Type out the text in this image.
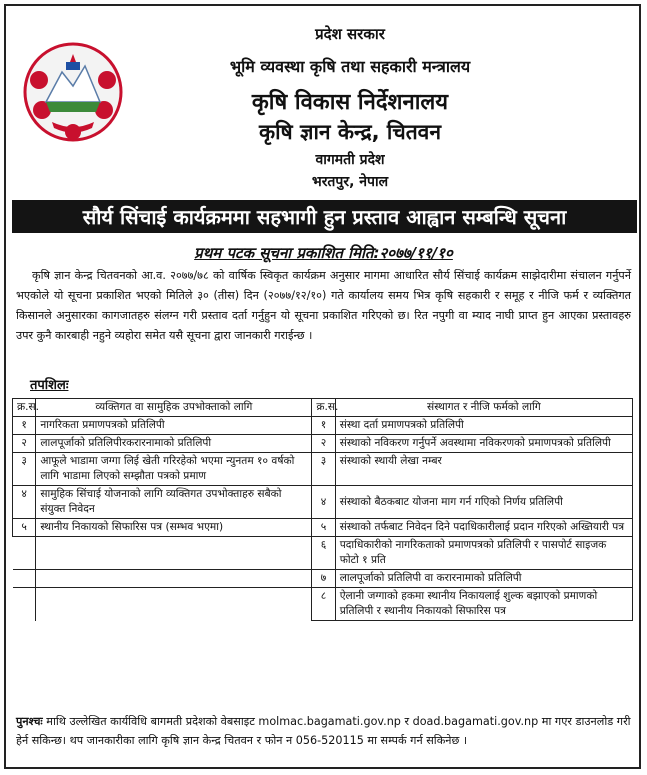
प्रदेश सरकार
भूमि व्यवस्था कृषि तथा सहकारी मन्त्रालय
कृषि विकास निर्देशनालय
कृषि ज्ञान केन्द्र, चितवन
वागमती प्रदेश
भरतपुर, नेपाल
सौर्य सिंचाई कार्यक्रममा सहभागी हुन प्रस्ताव आह्वान सम्बन्धि सूचना
प्रथम पटक सूचना प्रकाशित मिति:२०७७/११/१०
कृषि ज्ञान केन्द्र चितवनको आ.व. २०७७/७८ को वार्षिक स्विकृत कार्यक्रम अनुसार मागमा आधारित सौर्य सिंचाई कार्यक्रम साझेदारीमा संचालन गर्नुपर्ने भएकोले यो सूचना प्रकाशित भएको मितिले ३० (तीस) दिन (२०७७/१२/१०) गते कार्यालय समय भित्र कृषि सहकारी र समूह र नीजि फर्म र व्यक्तिगत किसानले अनुसारका कागजातहरु संलग्न गरी प्रस्ताव दर्ता गर्नुहुन यो सूचना प्रकाशित गरिएको छ। रित नपुगी वा म्याद नाघी प्राप्त हुन आएका प्रस्तावहरु उपर कुनै कारबाही नहुने व्यहोरा समेत यसै सूचना द्वारा जानकारी गराईन्छ ।
तपशिलः
क्र.स.	व्यक्तिगत वा सामुहिक उपभोक्ताको लागि	क्र.स.	संस्थागत र नीजि फर्मको लागि
१	नागरिकता प्रमाणपत्रको प्रतिलिपी	१	संस्था दर्ता प्रमाणपत्रको प्रतिलिपी
२	लालपूर्जाको प्रतिलिपीरकरारनामाको प्रतिलिपी	२	संस्थाको नविकरण गर्नुपर्ने अवस्थामा नविकरणको प्रमाणपत्रको प्रतिलिपी
३	आफूले भाडामा जग्गा लिई खेती गरिरहेको भएमा न्युनतम १० वर्षको लागि भाडामा लिएको सम्झौता पत्रको प्रमाण	३	संस्थाको स्थायी लेखा नम्बर
४	सामुहिक सिंचाई योजनाको लागि व्यक्तिगत उपभोक्ताहरु सबैको संयुक्त निवेदन	४	संस्थाको बैठकबाट योजना माग गर्न गएिको निर्णय प्रतिलिपी
५	स्थानीय निकायको सिफारिस पत्र (सम्भव भएमा)	५	संस्थाको तर्फबाट निवेदन दिने पदाधिकारीलाई प्रदान गरिएको अख्तियारी पत्र
		६	पदाधिकारीको नागरिकताको प्रमाणपत्रको प्रतिलिपी र पासपोर्ट साइजक फोटो १ प्रति
		७	लालपूर्जाको प्रतिलिपी वा करारनामाको प्रतिलिपी
		८	ऐलानी जग्गाको हकमा स्थानीय निकायलाई शुल्क बझाएको प्रमाणको प्रतिलिपी र स्थानीय निकायको सिफारिस पत्र
पुनश्चः माथि उल्लेखित कार्यविधि बागमती प्रदेशको वेबसाइट molmac.bagamati.gov.np र doad.bagamati.gov.np मा गएर डाउनलोड गरी हेर्न सकिन्छ। थप जानकारीका लागि कृषि ज्ञान केन्द्र चितवन र फोन न 056-520115 मा सम्पर्क गर्न सकिनेछ ।
